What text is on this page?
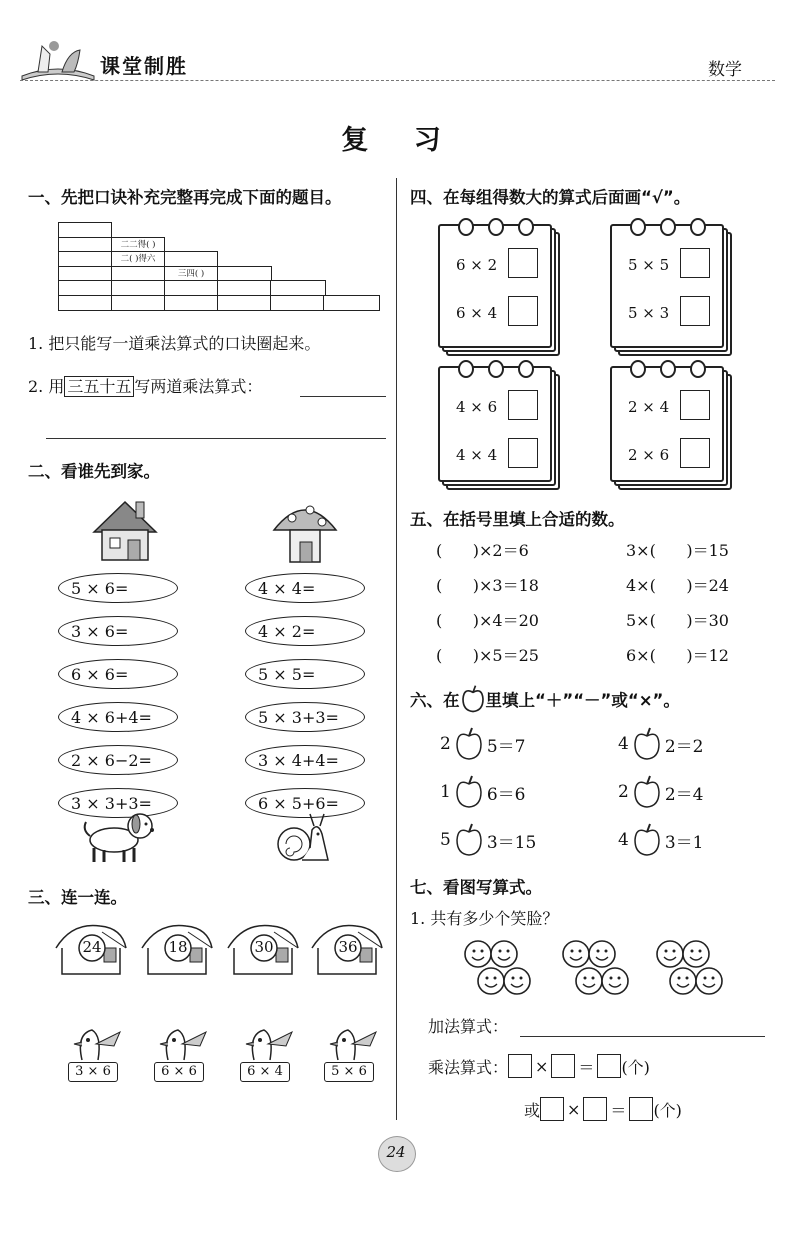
课堂制胜	数学
复 习
一、先把口诀补充完整再完成下面的题目。
二二得( )
二( )得六
三四( )
1. 把只能写一道乘法算式的口诀圈起来。
2. 用 三五十五 写两道乘法算式：
二、看谁先到家。
5 × 6=
3 × 6=
6 × 6=
4 × 6+4=
2 × 6−2=
3 × 3+3=
4 × 4=
4 × 2=
5 × 5=
5 × 3+3=
3 × 4+4=
6 × 5+6=
三、连一连。
24	18	30	36
3 × 6	6 × 6	6 × 4	5 × 6
四、在每组得数大的算式后面画“√”。
6 × 2
6 × 4
5 × 5
5 × 3
4 × 6
4 × 4
2 × 4
2 × 6
五、在括号里填上合适的数。
(      )×2＝6
(      )×3＝18
(      )×4＝20
(      )×5＝25
3×(      )＝15
4×(      )＝24
5×(      )＝30
6×(      )＝12
六、在 里填上“＋”“－”或“×”。
2 5＝7	4 2＝2
1 6＝6	2 2＝4
5 3＝15	4 3＝1
七、看图写算式。
1. 共有多少个笑脸？
加法算式：
乘法算式： × ＝ (个)
或 × ＝ (个)
24
